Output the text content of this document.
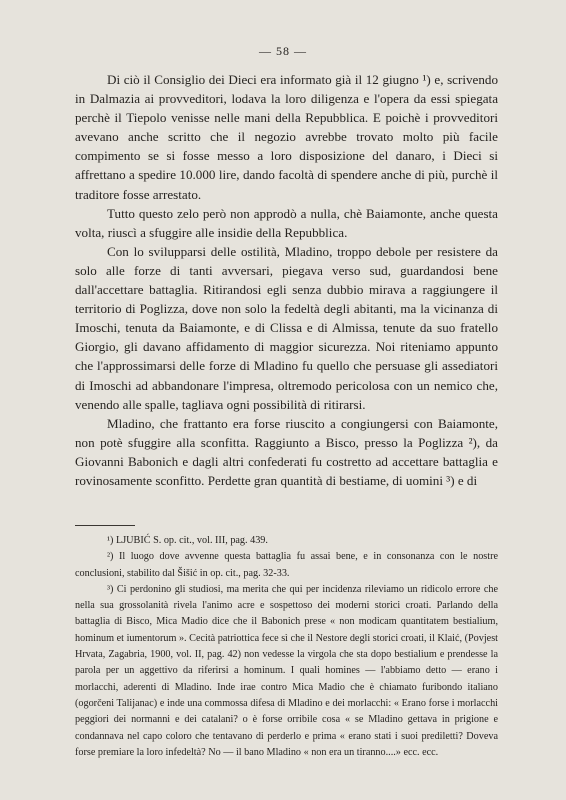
— 58 —

Di ciò il Consiglio dei Dieci era informato già il 12 giugno ¹) e, scrivendo in Dalmazia ai provveditori, lodava la loro diligenza e l'opera da essi spiegata perchè il Tiepolo venisse nelle mani della Repubblica. E poichè i provveditori avevano anche scritto che il negozio avrebbe trovato molto più facile compimento se si fosse messo a loro disposizione del danaro, i Dieci si affrettano a spedire 10.000 lire, dando facoltà di spendere anche di più, purchè il traditore fosse arrestato.

Tutto questo zelo però non approdò a nulla, chè Baiamonte, anche questa volta, riuscì a sfuggire alle insidie della Repubblica.

Con lo svilupparsi delle ostilità, Mladino, troppo debole per resistere da solo alle forze di tanti avversari, piegava verso sud, guardandosi bene dall'accettare battaglia. Ritirandosi egli senza dubbio mirava a raggiungere il territorio di Poglizza, dove non solo la fedeltà degli abitanti, ma la vicinanza di Imoschi, tenuta da Baiamonte, e di Clissa e di Almissa, tenute da suo fratello Giorgio, gli davano affidamento di maggior sicurezza. Noi riteniamo appunto che l'approssimarsi delle forze di Mladino fu quello che persuase gli assediatori di Imoschi ad abbandonare l'impresa, oltremodo pericolosa con un nemico che, venendo alle spalle, tagliava ogni possibilità di ritirarsi.

Mladino, che frattanto era forse riuscito a congiungersi con Baiamonte, non potè sfuggire alla sconfitta. Raggiunto a Bisco, presso la Poglizza ²), da Giovanni Babonich e dagli altri confederati fu costretto ad accettare battaglia e rovinosamente sconfitto. Perdette gran quantità di bestiame, di uomini ³) e di

¹) LJUBIĆ S. op. cit., vol. III, pag. 439.

²) Il luogo dove avvenne questa battaglia fu assai bene, e in consonanza con le nostre conclusioni, stabilito dal Šišić in op. cit., pag. 32-33.

³) Ci perdonino gli studiosi, ma merita che qui per incidenza rileviamo un ridicolo errore che nella sua grossolanità rivela l'animo acre e sospettoso dei moderni storici croati. Parlando della battaglia di Bisco, Mica Madio dice che il Babonich prese « non modicam quantitatem bestialium, hominum et iumentorum ». Cecità patriottica fece sì che il Nestore degli storici croati, il Klaić, (Povjest Hrvata, Zagabria, 1900, vol. II, pag. 42) non vedesse la virgola che sta dopo bestialium e prendesse la parola per un aggettivo da riferirsi a hominum. I quali homines — l'abbiamo detto — erano i morlacchi, aderenti di Mladino. Inde irae contro Mica Madio che è chiamato furibondo italiano (ogorčeni Talijanac) e inde una commossa difesa di Mladino e dei morlacchi: « Erano forse i morlacchi peggiori dei normanni e dei catalani? o è forse orribile cosa « se Mladino gettava in prigione e condannava nel capo coloro che tentavano di perderlo e prima « erano stati i suoi prediletti? Doveva forse premiare la loro infedeltà? No — il bano Mladino « non era un tiranno....» ecc. ecc.
